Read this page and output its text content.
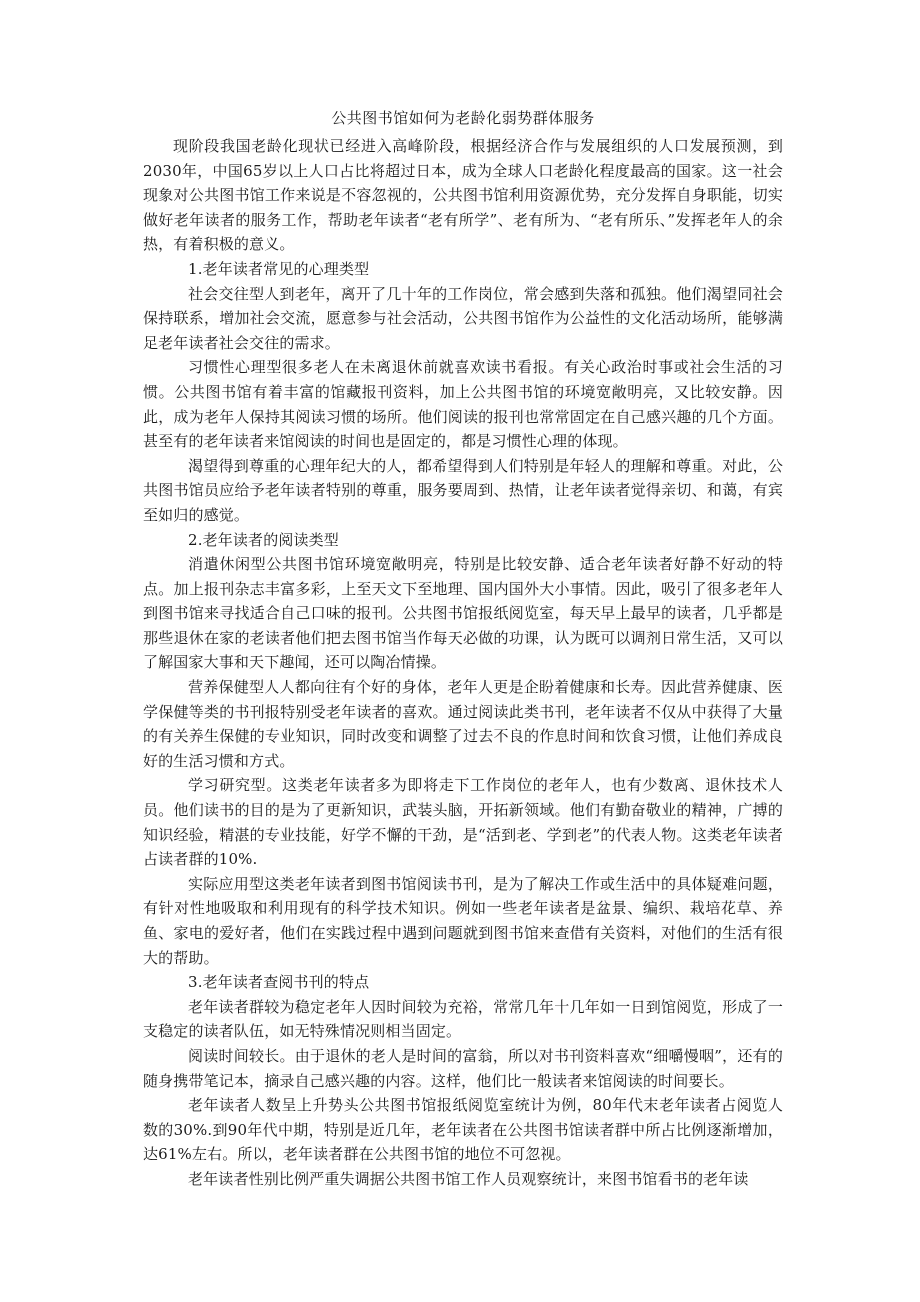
公共图书馆如何为老龄化弱势群体服务

现阶段我国老龄化现状已经进入高峰阶段，根据经济合作与发展组织的人口发展预测，到2030年，中国65岁以上人口占比将超过日本，成为全球人口老龄化程度最高的国家。这一社会现象对公共图书馆工作来说是不容忽视的，公共图书馆利用资源优势，充分发挥自身职能，切实做好老年读者的服务工作，帮助老年读者“老有所学”、老有所为、“老有所乐、”发挥老年人的余热，有着积极的意义。

1.老年读者常见的心理类型

社会交往型人到老年，离开了几十年的工作岗位，常会感到失落和孤独。他们渴望同社会保持联系，增加社会交流，愿意参与社会活动，公共图书馆作为公益性的文化活动场所，能够满足老年读者社会交往的需求。

习惯性心理型很多老人在未离退休前就喜欢读书看报。有关心政治时事或社会生活的习惯。公共图书馆有着丰富的馆藏报刊资料，加上公共图书馆的环境宽敞明亮，又比较安静。因此，成为老年人保持其阅读习惯的场所。他们阅读的报刊也常常固定在自己感兴趣的几个方面。甚至有的老年读者来馆阅读的时间也是固定的，都是习惯性心理的体现。

渴望得到尊重的心理年纪大的人，都希望得到人们特别是年轻人的理解和尊重。对此，公共图书馆员应给予老年读者特别的尊重，服务要周到、热情，让老年读者觉得亲切、和蔼，有宾至如归的感觉。

2.老年读者的阅读类型

消遣休闲型公共图书馆环境宽敞明亮，特别是比较安静、适合老年读者好静不好动的特点。加上报刊杂志丰富多彩，上至天文下至地理、国内国外大小事情。因此，吸引了很多老年人到图书馆来寻找适合自己口味的报刊。公共图书馆报纸阅览室，每天早上最早的读者，几乎都是那些退休在家的老读者他们把去图书馆当作每天必做的功课，认为既可以调剂日常生活，又可以了解国家大事和天下趣闻，还可以陶冶情操。

营养保健型人人都向往有个好的身体，老年人更是企盼着健康和长寿。因此营养健康、医学保健等类的书刊报特别受老年读者的喜欢。通过阅读此类书刊，老年读者不仅从中获得了大量的有关养生保健的专业知识，同时改变和调整了过去不良的作息时间和饮食习惯，让他们养成良好的生活习惯和方式。

学习研究型。这类老年读者多为即将走下工作岗位的老年人，也有少数离、退休技术人员。他们读书的目的是为了更新知识，武装头脑，开拓新领域。他们有勤奋敬业的精神，广搏的知识经验，精湛的专业技能，好学不懈的干劲，是“活到老、学到老”的代表人物。这类老年读者占读者群的10%.

实际应用型这类老年读者到图书馆阅读书刊，是为了解决工作或生活中的具体疑难问题，有针对性地吸取和利用现有的科学技术知识。例如一些老年读者是盆景、编织、栽培花草、养鱼、家电的爱好者，他们在实践过程中遇到问题就到图书馆来查借有关资料，对他们的生活有很大的帮助。

3.老年读者查阅书刊的特点

老年读者群较为稳定老年人因时间较为充裕，常常几年十几年如一日到馆阅览，形成了一支稳定的读者队伍，如无特殊情况则相当固定。

阅读时间较长。由于退休的老人是时间的富翁，所以对书刊资料喜欢“细嚼慢咽”，还有的随身携带笔记本，摘录自己感兴趣的内容。这样，他们比一般读者来馆阅读的时间要长。

老年读者人数呈上升势头公共图书馆报纸阅览室统计为例，80年代末老年读者占阅览人数的30%.到90年代中期，特别是近几年，老年读者在公共图书馆读者群中所占比例逐渐增加，达61%左右。所以，老年读者群在公共图书馆的地位不可忽视。

老年读者性别比例严重失调据公共图书馆工作人员观察统计，来图书馆看书的老年读
